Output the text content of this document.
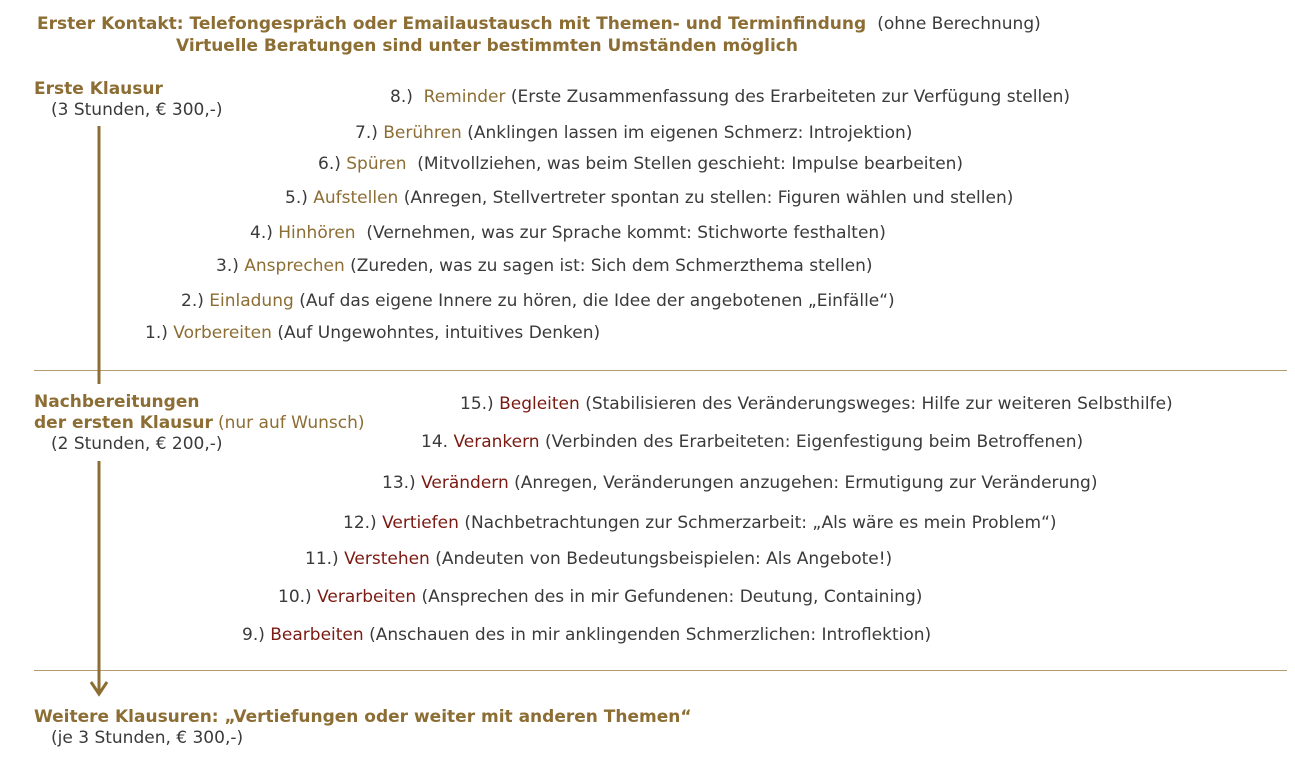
Erster Kontakt: Telefongespräch oder Emailaustausch mit Themen- und Terminfindung (ohne Berechnung)
Virtuelle Beratungen sind unter bestimmten Umständen möglich
Erste Klausur
(3 Stunden, € 300,-)
8.) Reminder (Erste Zusammenfassung des Erarbeiteten zur Verfügung stellen)
7.) Berühren (Anklingen lassen im eigenen Schmerz: Introjektion)
6.) Spüren (Mitvollziehen, was beim Stellen geschieht: Impulse bearbeiten)
5.) Aufstellen (Anregen, Stellvertreter spontan zu stellen: Figuren wählen und stellen)
4.) Hinhören (Vernehmen, was zur Sprache kommt: Stichworte festhalten)
3.) Ansprechen (Zureden, was zu sagen ist: Sich dem Schmerzthema stellen)
2.) Einladung (Auf das eigene Innere zu hören, die Idee der angebotenen „Einfälle“)
1.) Vorbereiten (Auf Ungewohntes, intuitives Denken)
Nachbereitungen
der ersten Klausur (nur auf Wunsch)
(2 Stunden, € 200,-)
15.) Begleiten (Stabilisieren des Veränderungsweges: Hilfe zur weiteren Selbsthilfe)
14. Verankern (Verbinden des Erarbeiteten: Eigenfestigung beim Betroffenen)
13.) Verändern (Anregen, Veränderungen anzugehen: Ermutigung zur Veränderung)
12.) Vertiefen (Nachbetrachtungen zur Schmerzarbeit: „Als wäre es mein Problem“)
11.) Verstehen (Andeuten von Bedeutungsbeispielen: Als Angebote!)
10.) Verarbeiten (Ansprechen des in mir Gefundenen: Deutung, Containing)
9.) Bearbeiten (Anschauen des in mir anklingenden Schmerzlichen: Introflektion)
Weitere Klausuren: „Vertiefungen oder weiter mit anderen Themen“
(je 3 Stunden, € 300,-)
